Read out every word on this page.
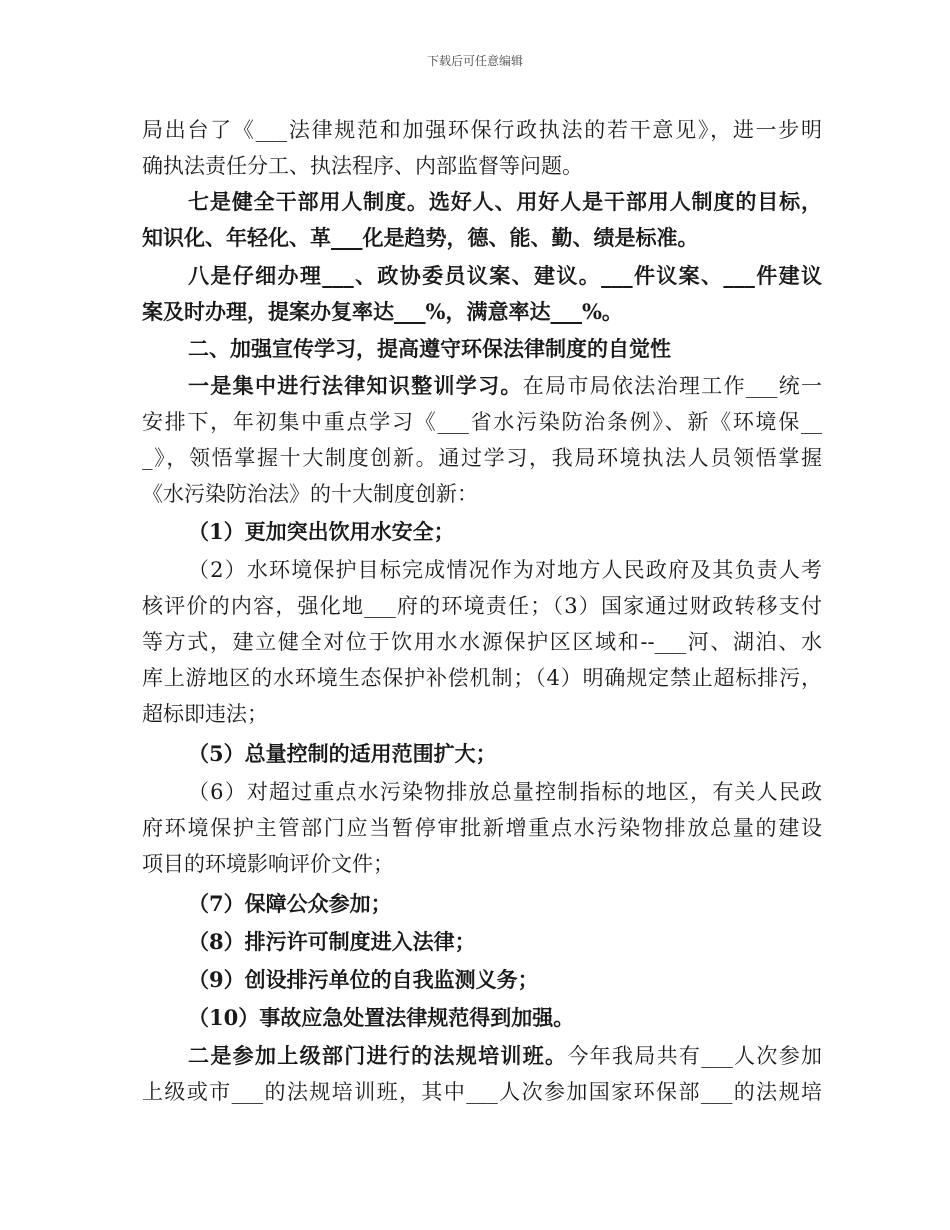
下载后可任意编辑
局出台了《___法律规范和加强环保行政执法的若干意见》，进一步明
确执法责任分工、执法程序、内部监督等问题。
七是健全干部用人制度。选好人、用好人是干部用人制度的目标，
知识化、年轻化、革___化是趋势，德、能、勤、绩是标准。
八是仔细办理___、政协委员议案、建议。___件议案、___件建议
案及时办理，提案办复率达___%，满意率达___%。
二、加强宣传学习，提高遵守环保法律制度的自觉性
一是集中进行法律知识整训学习。在局市局依法治理工作___统一
安排下，年初集中重点学习《___省水污染防治条例》、新《环境保__
_》，领悟掌握十大制度创新。通过学习，我局环境执法人员领悟掌握
《水污染防治法》的十大制度创新：
（1）更加突出饮用水安全；
（2）水环境保护目标完成情况作为对地方人民政府及其负责人考
核评价的内容，强化地___府的环境责任；（3）国家通过财政转移支付
等方式，建立健全对位于饮用水水源保护区区域和--___河、湖泊、水
库上游地区的水环境生态保护补偿机制；（4）明确规定禁止超标排污，
超标即违法；
（5）总量控制的适用范围扩大；
（6）对超过重点水污染物排放总量控制指标的地区，有关人民政
府环境保护主管部门应当暂停审批新增重点水污染物排放总量的建设
项目的环境影响评价文件；
（7）保障公众参加；
（8）排污许可制度进入法律；
（9）创设排污单位的自我监测义务；
（10）事故应急处置法律规范得到加强。
二是参加上级部门进行的法规培训班。今年我局共有___人次参加
上级或市___的法规培训班，其中___人次参加国家环保部___的法规培
